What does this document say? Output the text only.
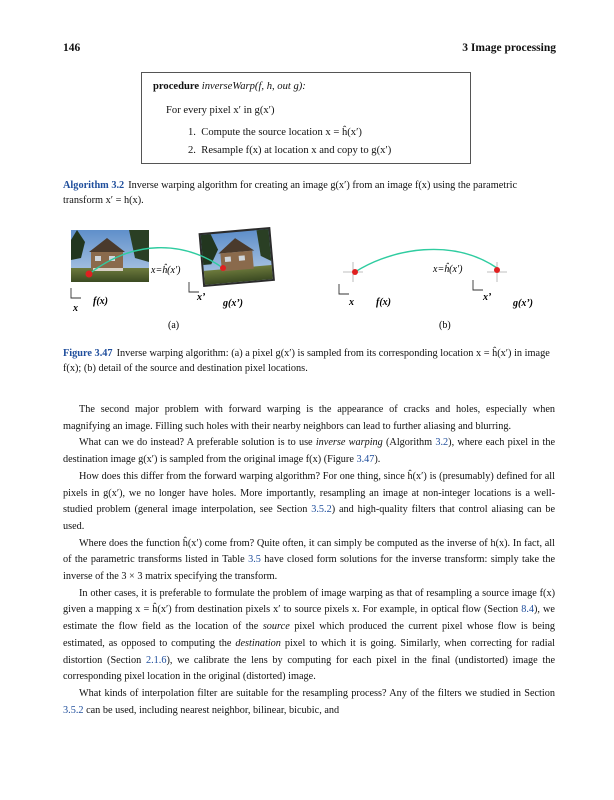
146	3 Image processing
procedure inverseWarp(f, h, out g):
For every pixel x′ in g(x′)
1. Compute the source location x = ĥ(x′)
2. Resample f(x) at location x and copy to g(x′)
Algorithm 3.2 Inverse warping algorithm for creating an image g(x′) from an image f(x) using the parametric transform x′ = h(x).
x=ĥ(x′)
x
f(x)	x’
g(x’)
(a)
x=ĥ(x′)
x f(x)	x’
g(x’)
(b)
Figure 3.47 Inverse warping algorithm: (a) a pixel g(x′) is sampled from its corresponding location x = ĥ(x′) in image f(x); (b) detail of the source and destination pixel locations.

The second major problem with forward warping is the appearance of cracks and holes, especially when magnifying an image. Filling such holes with their nearby neighbors can lead to further aliasing and blurring.

What can we do instead? A preferable solution is to use inverse warping (Algorithm 3.2), where each pixel in the destination image g(x′) is sampled from the original image f(x) (Figure 3.47).

How does this differ from the forward warping algorithm? For one thing, since ĥ(x′) is (presumably) defined for all pixels in g(x′), we no longer have holes. More importantly, resampling an image at non-integer locations is a well-studied problem (general image interpolation, see Section 3.5.2) and high-quality filters that control aliasing can be used.

Where does the function ĥ(x′) come from? Quite often, it can simply be computed as the inverse of h(x). In fact, all of the parametric transforms listed in Table 3.5 have closed form solutions for the inverse transform: simply take the inverse of the 3 × 3 matrix specifying the transform.

In other cases, it is preferable to formulate the problem of image warping as that of resampling a source image f(x) given a mapping x = ĥ(x′) from destination pixels x′ to source pixels x. For example, in optical flow (Section 8.4), we estimate the flow field as the location of the source pixel which produced the current pixel whose flow is being estimated, as opposed to computing the destination pixel to which it is going. Similarly, when correcting for radial distortion (Section 2.1.6), we calibrate the lens by computing for each pixel in the final (undistorted) image the corresponding pixel location in the original (distorted) image.

What kinds of interpolation filter are suitable for the resampling process? Any of the filters we studied in Section 3.5.2 can be used, including nearest neighbor, bilinear, bicubic, and
